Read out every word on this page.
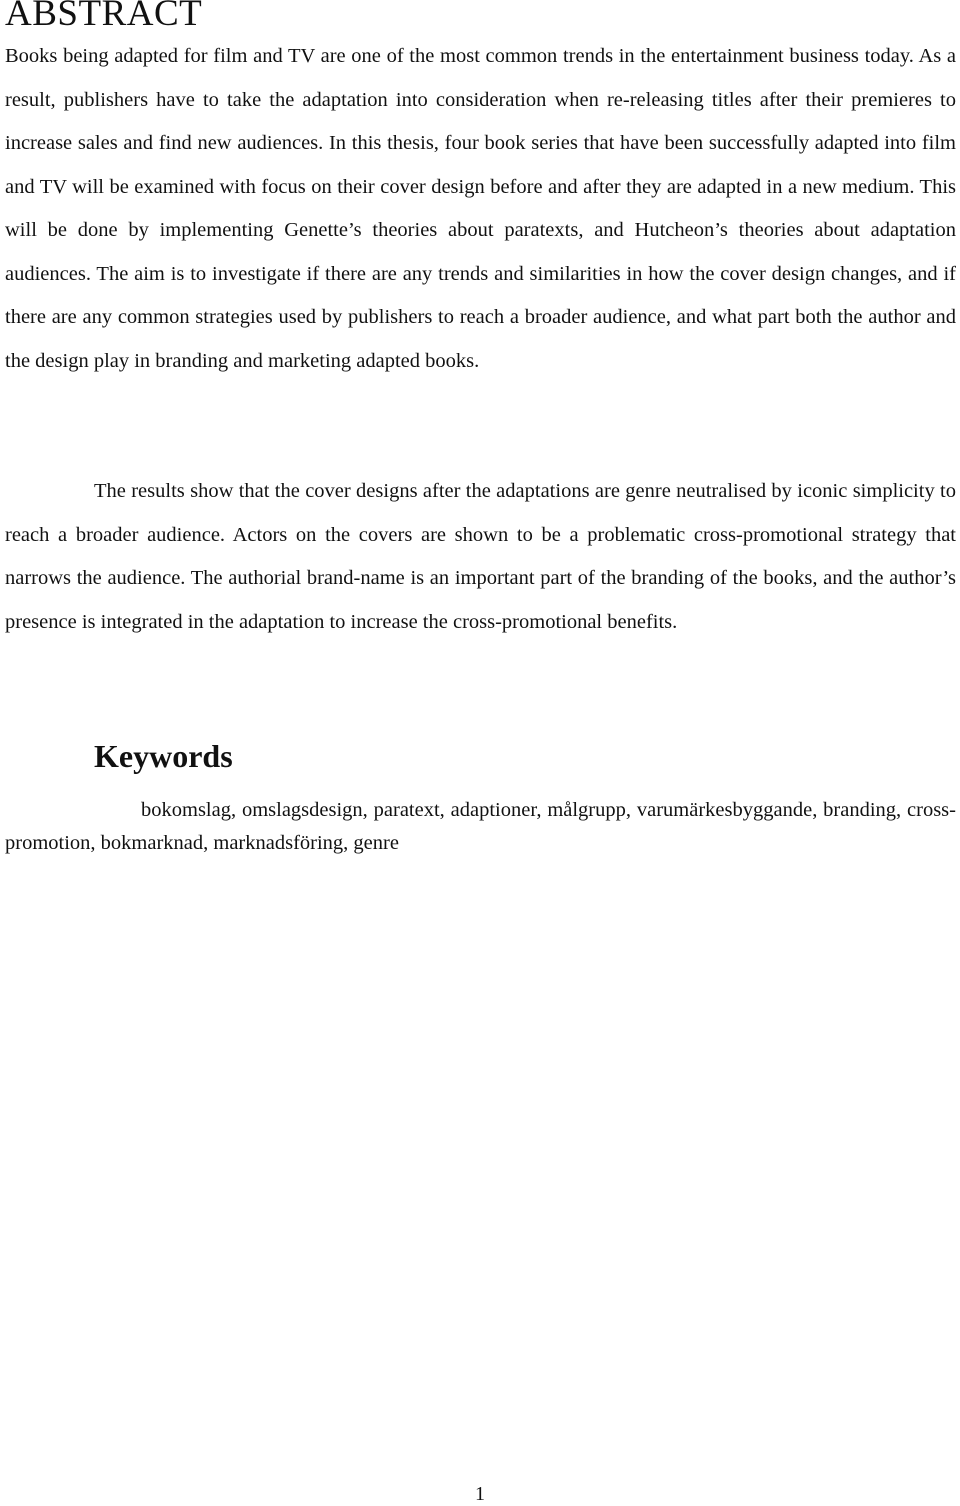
ABSTRACT

Books being adapted for film and TV are one of the most common trends in the entertainment business today. As a result, publishers have to take the adaptation into consideration when re-releasing titles after their premieres to increase sales and find new audiences. In this thesis, four book series that have been successfully adapted into film and TV will be examined with focus on their cover design before and after they are adapted in a new medium. This will be done by implementing Genette’s theories about paratexts, and Hutcheon’s theories about adaptation audiences. The aim is to investigate if there are any trends and similarities in how the cover design changes, and if there are any common strategies used by publishers to reach a broader audience, and what part both the author and the design play in branding and marketing adapted books.

The results show that the cover designs after the adaptations are genre neutralised by iconic simplicity to reach a broader audience. Actors on the covers are shown to be a problematic cross-promotional strategy that narrows the audience. The authorial brand-name is an important part of the branding of the books, and the author’s presence is integrated in the adaptation to increase the cross-promotional benefits.

Keywords

bokomslag, omslagsdesign, paratext, adaptioner, målgrupp, varumärkesbyggande, branding, cross-promotion, bokmarknad, marknadsföring, genre

1
